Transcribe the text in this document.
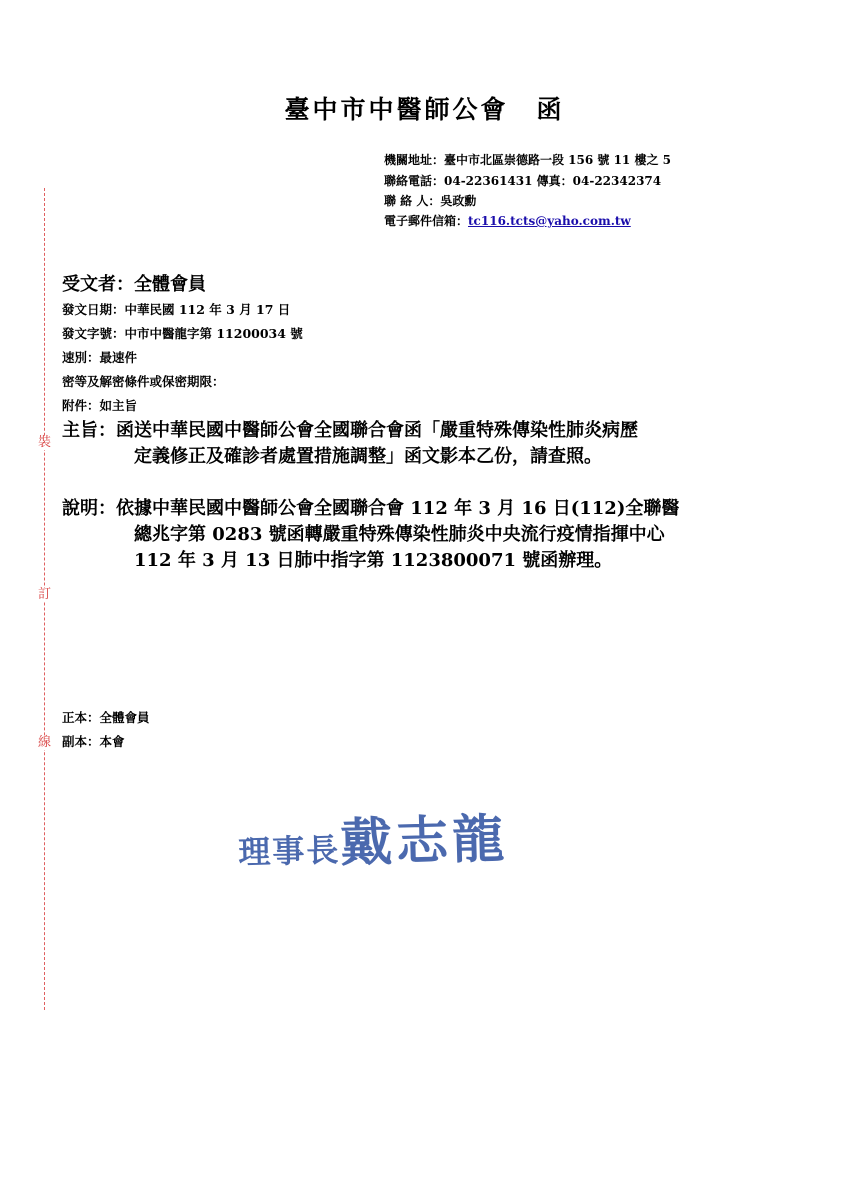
臺中市中醫師公會　函
機關地址：臺中市北區崇德路一段 156 號 11 樓之 5
聯絡電話：04-22361431 傳真：04-22342374
聯 絡 人：吳政勳
電子郵件信箱：tc116.tcts@yaho.com.tw
裝
訂
線
受文者：全體會員
發文日期：中華民國 112 年 3 月 17 日
發文字號：中市中醫龍字第 11200034 號
速別：最速件
密等及解密條件或保密期限：
附件：如主旨
主旨： 函送中華民國中醫師公會全國聯合會函「嚴重特殊傳染性肺炎病歷
定義修正及確診者處置措施調整」函文影本乙份，請查照。
說明： 依據中華民國中醫師公會全國聯合會 112 年 3 月 16 日(112)全聯醫
總兆字第 0283 號函轉嚴重特殊傳染性肺炎中央流行疫情指揮中心
112 年 3 月 13 日肺中指字第 1123800071 號函辦理。
正本：全體會員
副本：本會
理事長戴志龍
